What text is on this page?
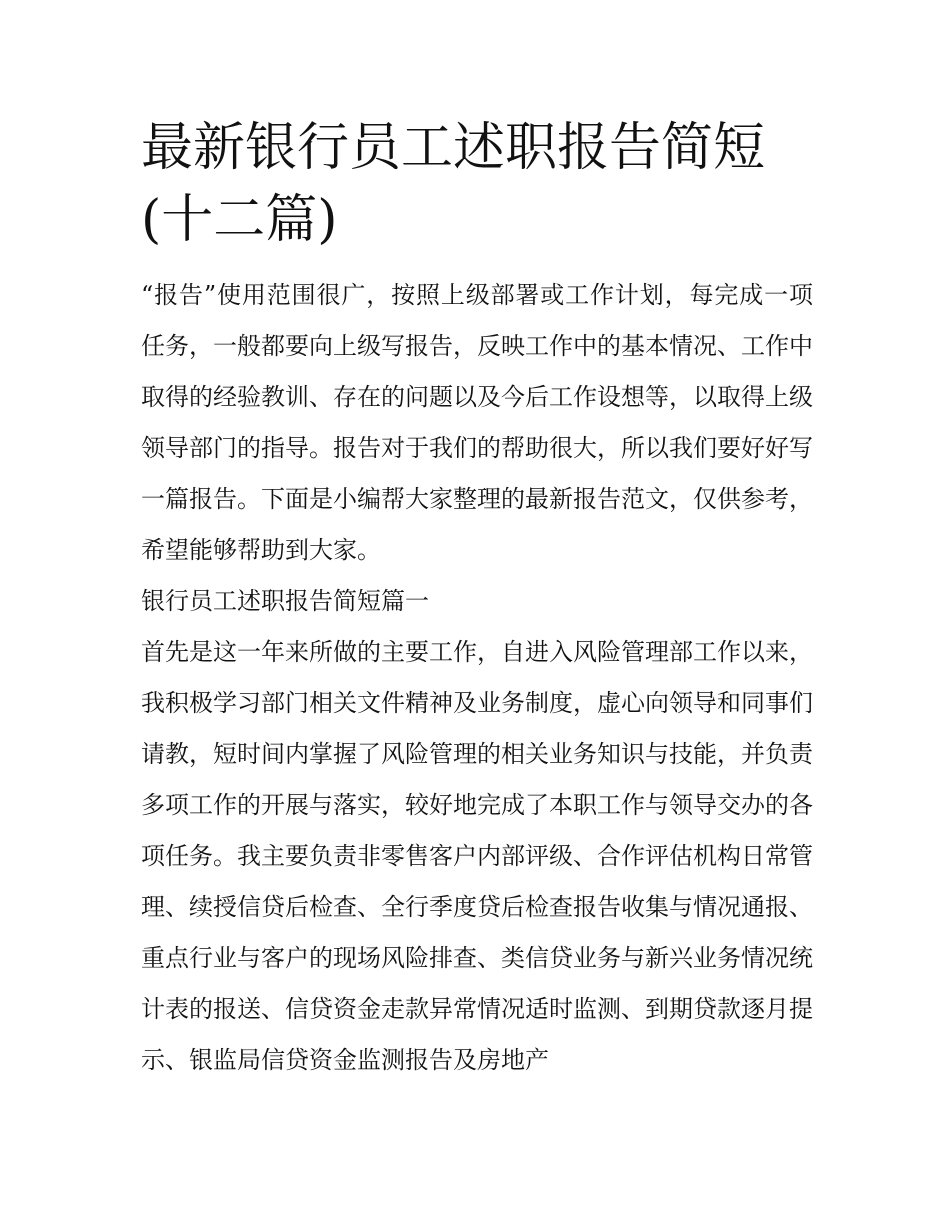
最新银行员工述职报告简短(十二篇)

“报告”使用范围很广，按照上级部署或工作计划，每完成一项任务，一般都要向上级写报告，反映工作中的基本情况、工作中取得的经验教训、存在的问题以及今后工作设想等，以取得上级领导部门的指导。报告对于我们的帮助很大，所以我们要好好写一篇报告。下面是小编帮大家整理的最新报告范文，仅供参考，希望能够帮助到大家。

银行员工述职报告简短篇一

首先是这一年来所做的主要工作，自进入风险管理部工作以来，我积极学习部门相关文件精神及业务制度，虚心向领导和同事们请教，短时间内掌握了风险管理的相关业务知识与技能，并负责多项工作的开展与落实，较好地完成了本职工作与领导交办的各项任务。我主要负责非零售客户内部评级、合作评估机构日常管理、续授信贷后检查、全行季度贷后检查报告收集与情况通报、重点行业与客户的现场风险排查、类信贷业务与新兴业务情况统计表的报送、信贷资金走款异常情况适时监测、到期贷款逐月提示、银监局信贷资金监测报告及房地产
